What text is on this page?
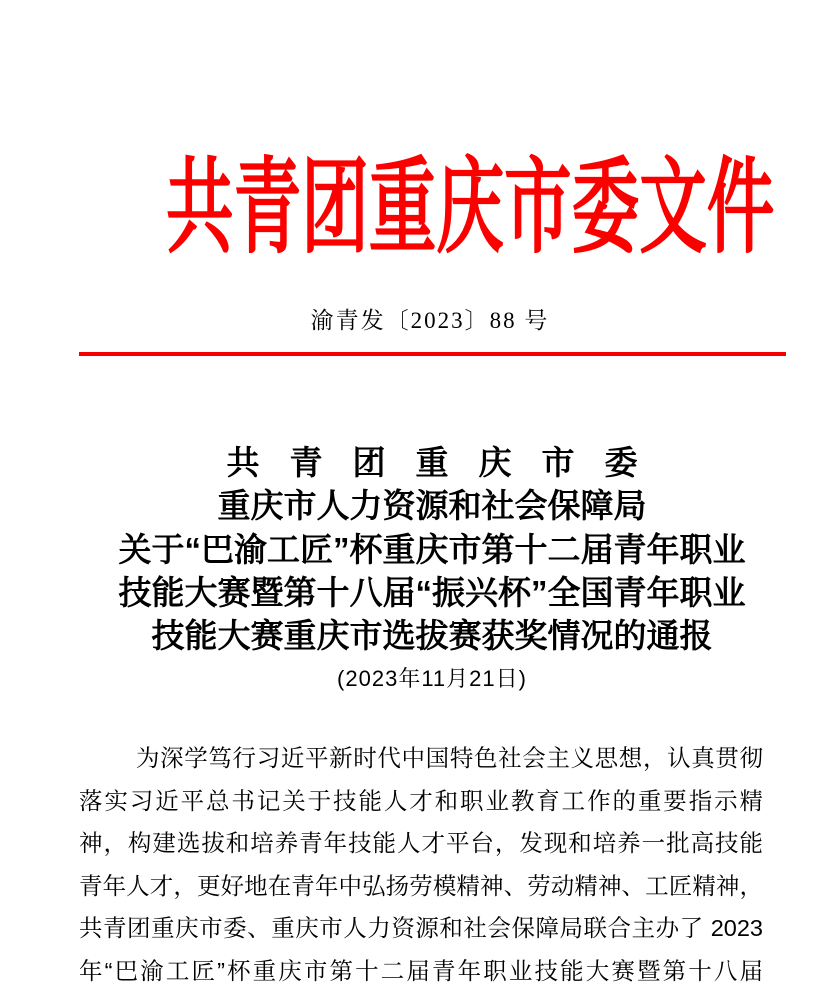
共青团重庆市委文件
渝青发〔2023〕88 号
共青团重庆市委
重庆市人力资源和社会保障局
关于“巴渝工匠”杯重庆市第十二届青年职业
技能大赛暨第十八届“振兴杯”全国青年职业
技能大赛重庆市选拔赛获奖情况的通报
(2023年11月21日)
为深学笃行习近平新时代中国特色社会主义思想，认真贯彻
落实习近平总书记关于技能人才和职业教育工作的重要指示精
神，构建选拔和培养青年技能人才平台，发现和培养一批高技能
青年人才，更好地在青年中弘扬劳模精神、劳动精神、工匠精神，
共青团重庆市委、重庆市人力资源和社会保障局联合主办了 2023
年“巴渝工匠”杯重庆市第十二届青年职业技能大赛暨第十八届
